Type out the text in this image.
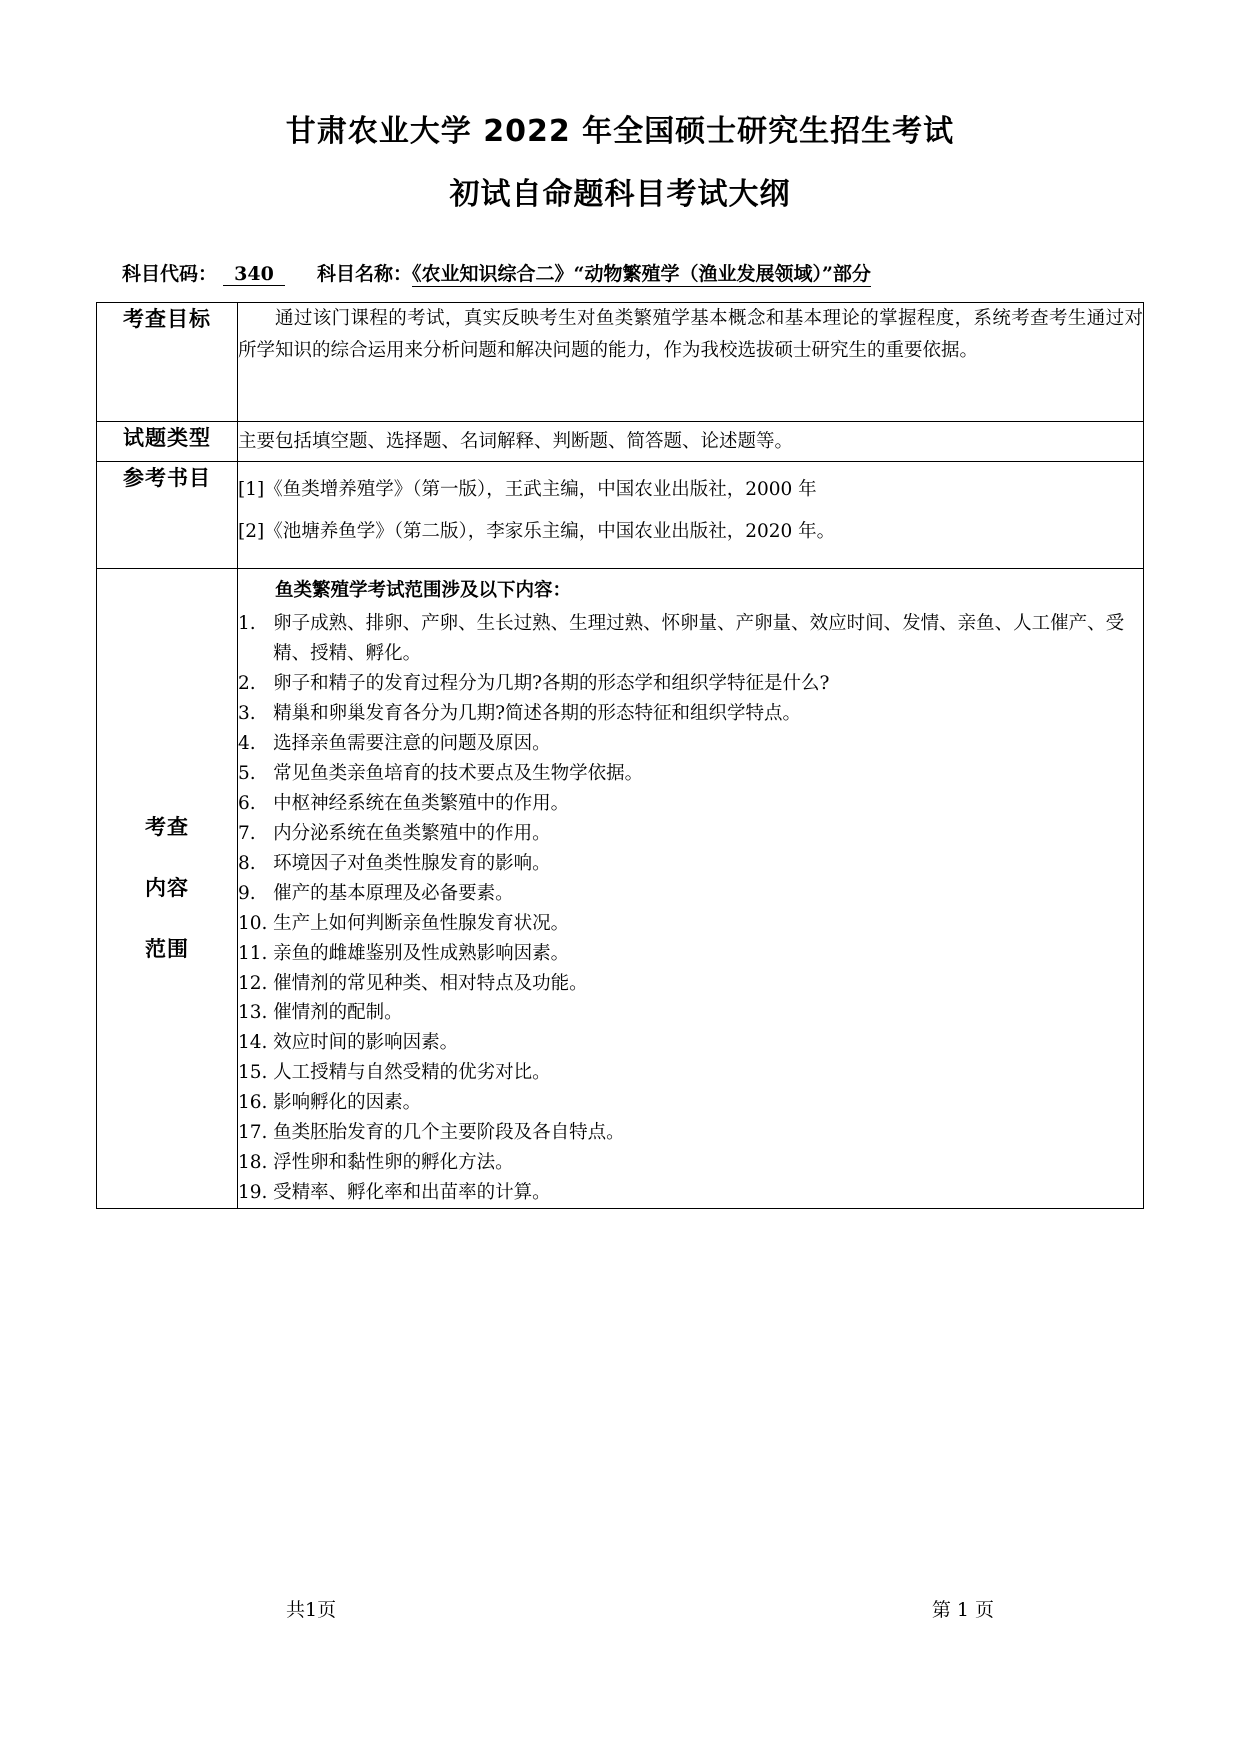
甘肃农业大学 2022 年全国硕士研究生招生考试
初试自命题科目考试大纲
科目代码： 340 科目名称：《农业知识综合二》“动物繁殖学（渔业发展领域）”部分
考查目标	通过该门课程的考试，真实反映考生对鱼类繁殖学基本概念和基本理论的掌握程度，系统考查考生通过对所学知识的综合运用来分析问题和解决问题的能力，作为我校选拔硕士研究生的重要依据。

试题类型	主要包括填空题、选择题、名词解释、判断题、简答题、论述题等。

参考书目	[1]《鱼类增养殖学》（第一版），王武主编，中国农业出版社，2000 年

[2]《池塘养鱼学》（第二版），李家乐主编，中国农业出版社，2020 年。

考查
内容
范围

鱼类繁殖学考试范围涉及以下内容：
1. 卵子成熟、排卵、产卵、生长过熟、生理过熟、怀卵量、产卵量、效应时间、发情、亲鱼、人工催产、受精、授精、孵化。
2. 卵子和精子的发育过程分为几期?各期的形态学和组织学特征是什么?
3. 精巢和卵巢发育各分为几期?简述各期的形态特征和组织学特点。
4. 选择亲鱼需要注意的问题及原因。
5. 常见鱼类亲鱼培育的技术要点及生物学依据。
6. 中枢神经系统在鱼类繁殖中的作用。
7. 内分泌系统在鱼类繁殖中的作用。
8. 环境因子对鱼类性腺发育的影响。
9. 催产的基本原理及必备要素。
10. 生产上如何判断亲鱼性腺发育状况。
11. 亲鱼的雌雄鉴别及性成熟影响因素。
12. 催情剂的常见种类、相对特点及功能。
13. 催情剂的配制。
14. 效应时间的影响因素。
15. 人工授精与自然受精的优劣对比。
16. 影响孵化的因素。
17. 鱼类胚胎发育的几个主要阶段及各自特点。
18. 浮性卵和黏性卵的孵化方法。
19. 受精率、孵化率和出苗率的计算。
共1页	第 1 页
